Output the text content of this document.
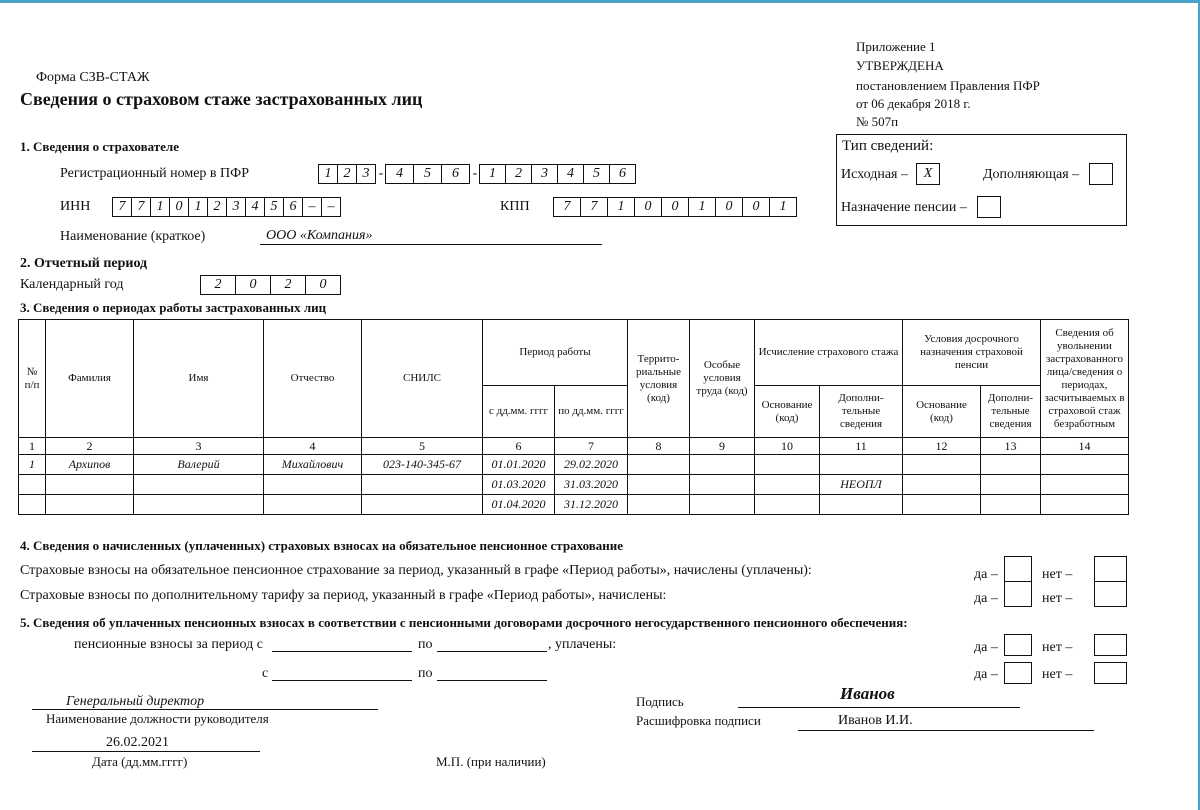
Приложение 1
УТВЕРЖДЕНА
постановлением Правления ПФР
от 06 декабря 2018 г.
№ 507п
Форма СЗВ-СТАЖ
Сведения о страховом стаже застрахованных лиц
Тип сведений:
Исходная –	X	Дополняющая –
Назначение пенсии –
1. Сведения о страхователе
Регистрационный номер в ПФР	1 2 3 - 4	5	6 - 1	2	3	4	5	6
ИНН	7 7 1 0 1 2 3 4 5 6 – –	КПП	7	7	1	0	0	1	0	0	1
Наименование (краткое)	ООО «Компания»
2. Отчетный период
Календарный год	2	0	2	0
3. Сведения о периодах работы застрахованных лиц
№
п/п	Фамилия	Имя	Отчество	СНИЛС	Период работы		Террито-риальные условия (код)	Особые условия труда (код)	Исчисление страхового стажа		Условия досрочного назначения страховой пенсии		Сведения об увольнении застрахованного лица/сведения о периодах, засчитываемых в страховой стаж безработным
					с дд.мм. гггг	по дд.мм. гггг			Основание (код)	Дополни-тельные сведения	Основание (код)	Дополни-тельные сведения	
1	2	3	4	5	6	7	8	9	10	11	12	13	14
1	Архипов	Валерий	Михайлович	023-140-345-67	01.01.2020	29.02.2020							
					01.03.2020	31.03.2020				НЕОПЛ			
					01.04.2020	31.12.2020							
4. Сведения о начисленных (уплаченных) страховых взносах на обязательное пенсионное страхование
Страховые взносы на обязательное пенсионное страхование за период, указанный в графе «Период работы», начислены (уплачены):
Страховые взносы по дополнительному тарифу за период, указанный в графе «Период работы», начислены:
да –	нет –
да –	нет –
5. Сведения об уплаченных пенсионных взносах в соответствии с пенсионными договорами досрочного негосударственного пенсионного обеспечения:
пенсионные взносы за период с	по	, уплачены:
с	по
да –	нет –
да –	нет –
Генеральный директор
Наименование должности руководителя
Подпись	Иванов
Расшифровка подписи	Иванов И.И.
26.02.2021
Дата (дд.мм.гггг)	М.П. (при наличии)
